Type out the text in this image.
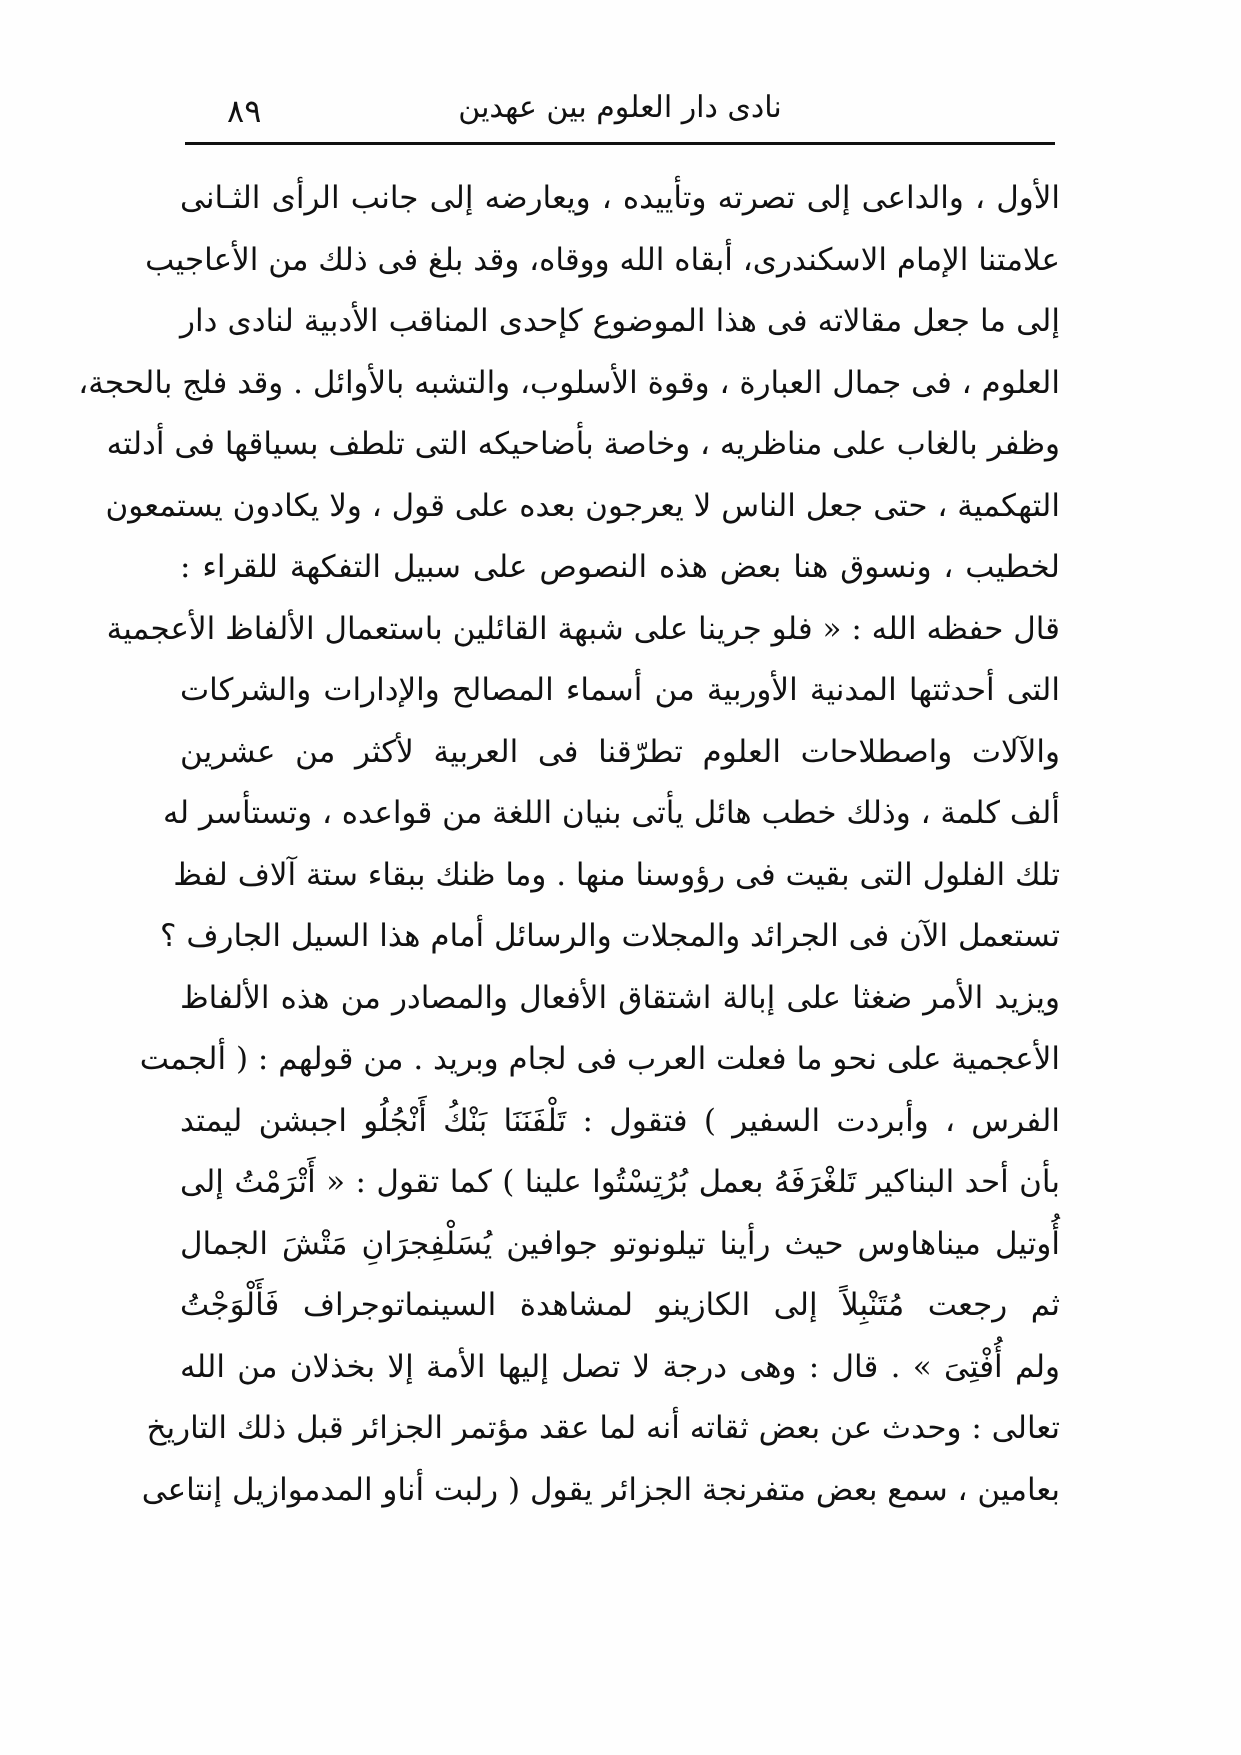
٨٩	نادى دار العلوم بين عهدين
الأول ، والداعى إلى تصرته وتأييده ، ويعارضه إلى جانب الرأى الثـانى
علامتنا الإمام الاسكندرى، أبقاه الله ووقاه، وقد بلغ فى ذلك من الأعاجيب
إلى ما جعل مقالاته فى هذا الموضوع كإحدى المناقب الأدبية لنادى دار
العلوم ، فى جمال العبارة ، وقوة الأسلوب، والتشبه بالأوائل . وقد فلج بالحجة،
وظفر بالغاب على مناظريه ، وخاصة بأضاحيكه التى تلطف بسياقها فى أدلته
التهكمية ، حتى جعل الناس لا يعرجون بعده على قول ، ولا يكادون يستمعون
لخطيب ، ونسوق هنا بعض هذه النصوص على سبيل التفكهة للقراء :
قال حفظه الله : « فلو جرينا على شبهة القائلين باستعمال الألفاظ الأعجمية
التى أحدثتها المدنية الأوربية من أسماء المصالح والإدارات والشركات
والآلات واصطلاحات العلوم تطرّقنا فى العربية لأكثر من عشرين
ألف كلمة ، وذلك خطب هائل يأتى بنيان اللغة من قواعده ، وتستأسر له
تلك الفلول التى بقيت فى رؤوسنا منها . وما ظنك ببقاء ستة آلاف لفظ
تستعمل الآن فى الجرائد والمجلات والرسائل أمام هذا السيل الجارف ؟
ويزيد الأمر ضغثا على إبالة اشتقاق الأفعال والمصادر من هذه الألفاظ
الأعجمية على نحو ما فعلت العرب فى لجام وبريد . من قولهم : ( ألجمت
الفرس ، وأبردت السفير ) فتقول : تَلْفَنَنَا بَنْكُ أَنْجُلُو اجبشن ليمتد
بأن أحد البناكير تَلغْرَفَهُ بعمل بُرُتِسْتُوا علينا ) كما تقول : « أَتْرَمْتُ إلى
أُوتيل ميناهاوس حيث رأينا تيلونوتو جوافين يُسَلْفِجرَانِ مَتْشَ الجمال
ثم رجعت مُتَنْبِلاً إلى الكازينو لمشاهدة السينماتوجراف فَأَلْوَجْتُ
ولم أُفْتِىَ » . قال : وهى درجة لا تصل إليها الأمة إلا بخذلان من الله
تعالى : وحدث عن بعض ثقاته أنه لما عقد مؤتمر الجزائر قبل ذلك التاريخ
بعامين ، سمع بعض متفرنجة الجزائر يقول ( رلبت أناو المدموازيل إنتاعى
